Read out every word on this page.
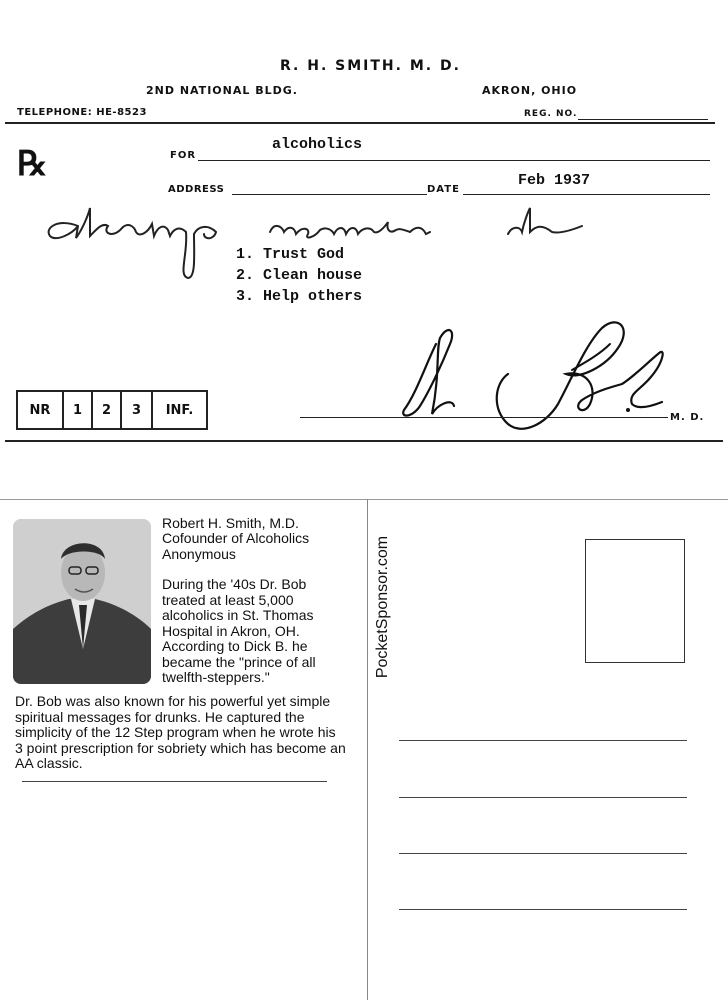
R. H. SMITH. M. D.
2ND NATIONAL BLDG.	AKRON, OHIO
TELEPHONE: HE-8523	REG. NO.
℞	FOR
alcoholics
ADDRESS	DATE
Feb 1937
1. Trust God
2. Clean house
3. Help others
NR	1	2	3	INF.	M. D.
Robert H. Smith, M.D.
Cofounder of Alcoholics Anonymous
During the '40s Dr. Bob treated at least 5,000 alcoholics in St. Thomas Hospital in Akron, OH. According to Dick B. he became the "prince of all twelfth-steppers."
Dr. Bob was also known for his powerful yet simple spiritual messages for drunks. He captured the simplicity of the 12 Step program when he wrote his 3 point prescription for sobriety which has become an AA classic.
PocketSponsor.com
